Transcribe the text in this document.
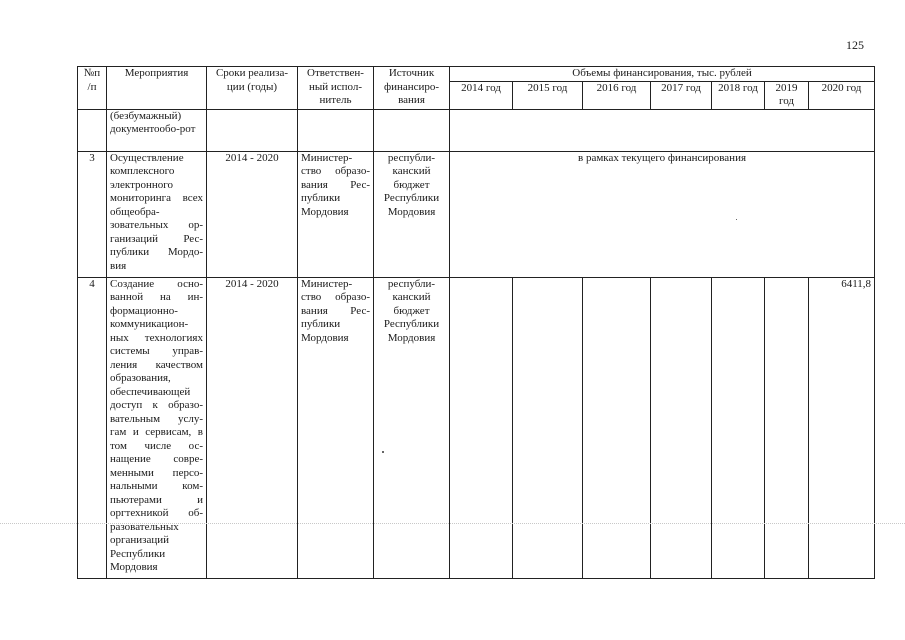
125
№п /п	Мероприятия	Сроки реализа-ции (годы)	Ответствен-ный испол-нитель	Источник финансиро-вания	Объемы финансирования, тыс. рублей						
					2014 год	2015 год	2016 год	2017 год	2018 год	2019 год	2020 год
	(безбумажный) документообо-рот										
3	Осуществление комплексного электронного мониторинга всех общеобра-зовательных ор-ганизаций Рес-публики Мордо-вия	2014 - 2020	Министер-ство образо-вания Рес-публики Мордовия	республи-канский бюджет Республики Мордовия	в рамках текущего финансирования						
4	Создание осно-ванной на ин-формационно-коммуникацион-ных технологиях системы управ-ления качеством образования, обеспечивающей доступ к образо-вательным услу-гам и сервисам, в том числе ос-нащение совре-менными персо-нальными ком-пьютерами и оргтехникой об-разовательных организаций Республики Мордовия	2014 - 2020	Министер-ство образо-вания Рес-публики Мордовия	республи-канский бюджет Республики Мордовия							6411,8
